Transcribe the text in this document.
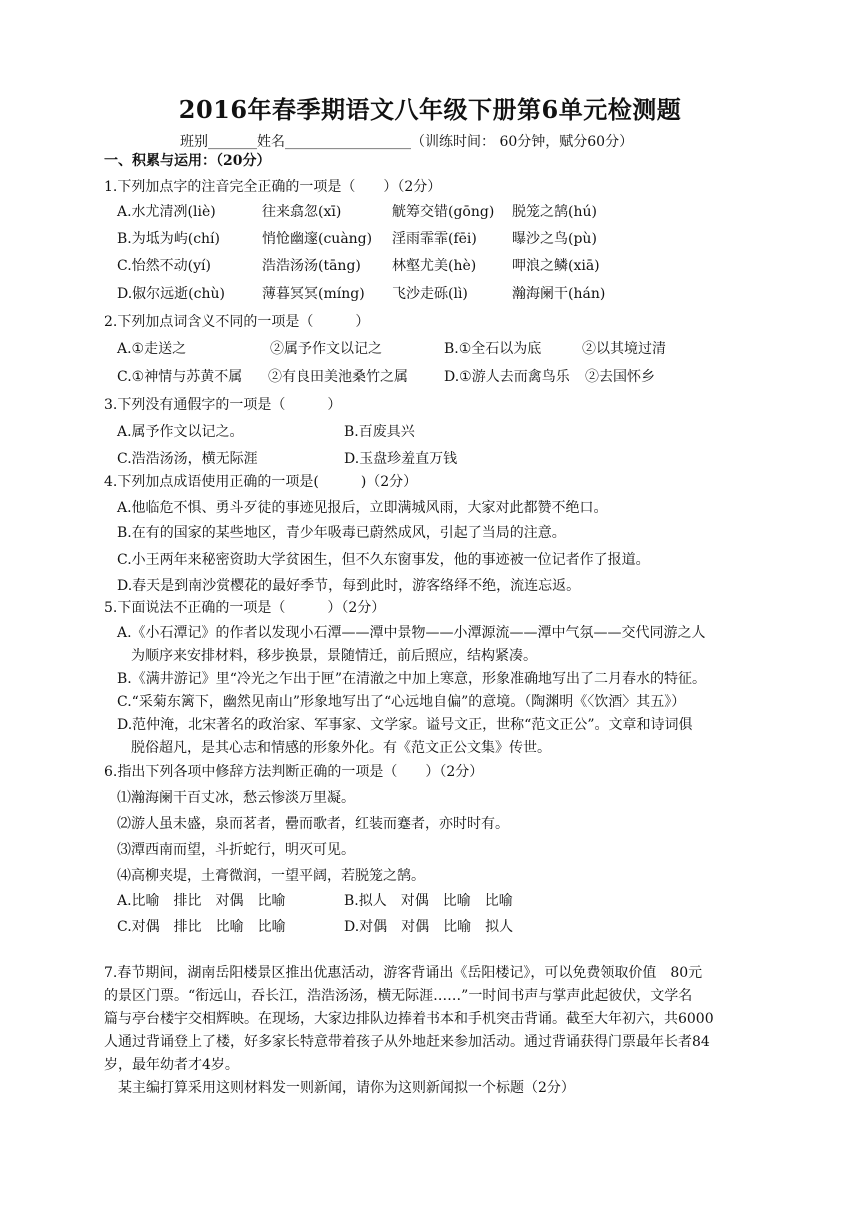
2016年春季期语文八年级下册第6单元检测题
班别_______姓名__________________（训练时间： 60分钟，赋分60分）
一、积累与运用：（20分）
1.下列加点字的注音完全正确的一项是（　　）（2分）
A.水尤清冽(liè)	往来翕忽(xī)	觥筹交错(gōng) 脱笼之鹄(hú)
B.为坻为屿(chí)	悄怆幽邃(cuàng) 淫雨霏霏(fēi)	曝沙之鸟(pù)
C.怡然不动(yí)	浩浩汤汤(tāng) 林壑尤美(hè)	呷浪之鳞(xiā)
D.俶尔远逝(chù)	薄暮冥冥(míng) 飞沙走砾(lì)	瀚海阑干(hán)
2.下列加点词含义不同的一项是（　　　）
A.①走送之	②属予作文以记之	B.①全石以为底	②以其境过清
C.①神情与苏黄不属 ②有良田美池桑竹之属	D.①游人去而禽鸟乐 ②去国怀乡
3.下列没有通假字的一项是（　　　）
A.属予作文以记之。	B.百废具兴
C.浩浩汤汤，横无际涯	D.玉盘珍羞直万钱
4.下列加点成语使用正确的一项是(　　　)（2分）
A.他临危不惧、勇斗歹徒的事迹见报后，立即满城风雨，大家对此都赞不绝口。
B.在有的国家的某些地区，青少年吸毒已蔚然成风，引起了当局的注意。
C.小王两年来秘密资助大学贫困生，但不久东窗事发，他的事迹被一位记者作了报道。
D.春天是到南沙赏樱花的最好季节，每到此时，游客络绎不绝，流连忘返。
5.下面说法不正确的一项是（　　　）（2分）
A.《小石潭记》的作者以发现小石潭——潭中景物——小潭源流——潭中气氛——交代同游之人
为顺序来安排材料，移步换景，景随情迁，前后照应，结构紧凑。
B.《满井游记》里“冷光之乍出于匣”在清澈之中加上寒意，形象准确地写出了二月春水的特征。
C.“采菊东篱下，幽然见南山”形象地写出了“心远地自偏”的意境。（陶渊明《〈饮酒〉其五》）
D.范仲淹，北宋著名的政治家、军事家、文学家。谥号文正，世称“范文正公”。文章和诗词俱
脱俗超凡，是其心志和情感的形象外化。有《范文正公文集》传世。
6.指出下列各项中修辞方法判断正确的一项是（　　）（2分）
⑴瀚海阑干百丈冰，愁云惨淡万里凝。
⑵游人虽未盛，泉而茗者，罍而歌者，红装而蹇者，亦时时有。
⑶潭西南而望，斗折蛇行，明灭可见。
⑷高柳夹堤，土膏微润，一望平阔，若脱笼之鹄。
A.比喻　排比　对偶　比喻	B.拟人　对偶　比喻　比喻
C.对偶　排比　比喻　比喻	D.对偶　对偶　比喻　拟人
7.春节期间，湖南岳阳楼景区推出优惠活动，游客背诵出《岳阳楼记》，可以免费领取价值　80元
的景区门票。“衔远山，吞长江，浩浩汤汤，横无际涯……”一时间书声与掌声此起彼伏，文学名
篇与亭台楼宇交相辉映。在现场，大家边排队边捧着书本和手机突击背诵。截至大年初六，共6000
人通过背诵登上了楼，好多家长特意带着孩子从外地赶来参加活动。通过背诵获得门票最年长者84
岁，最年幼者才4岁。
某主编打算采用这则材料发一则新闻，请你为这则新闻拟一个标题（2分）
